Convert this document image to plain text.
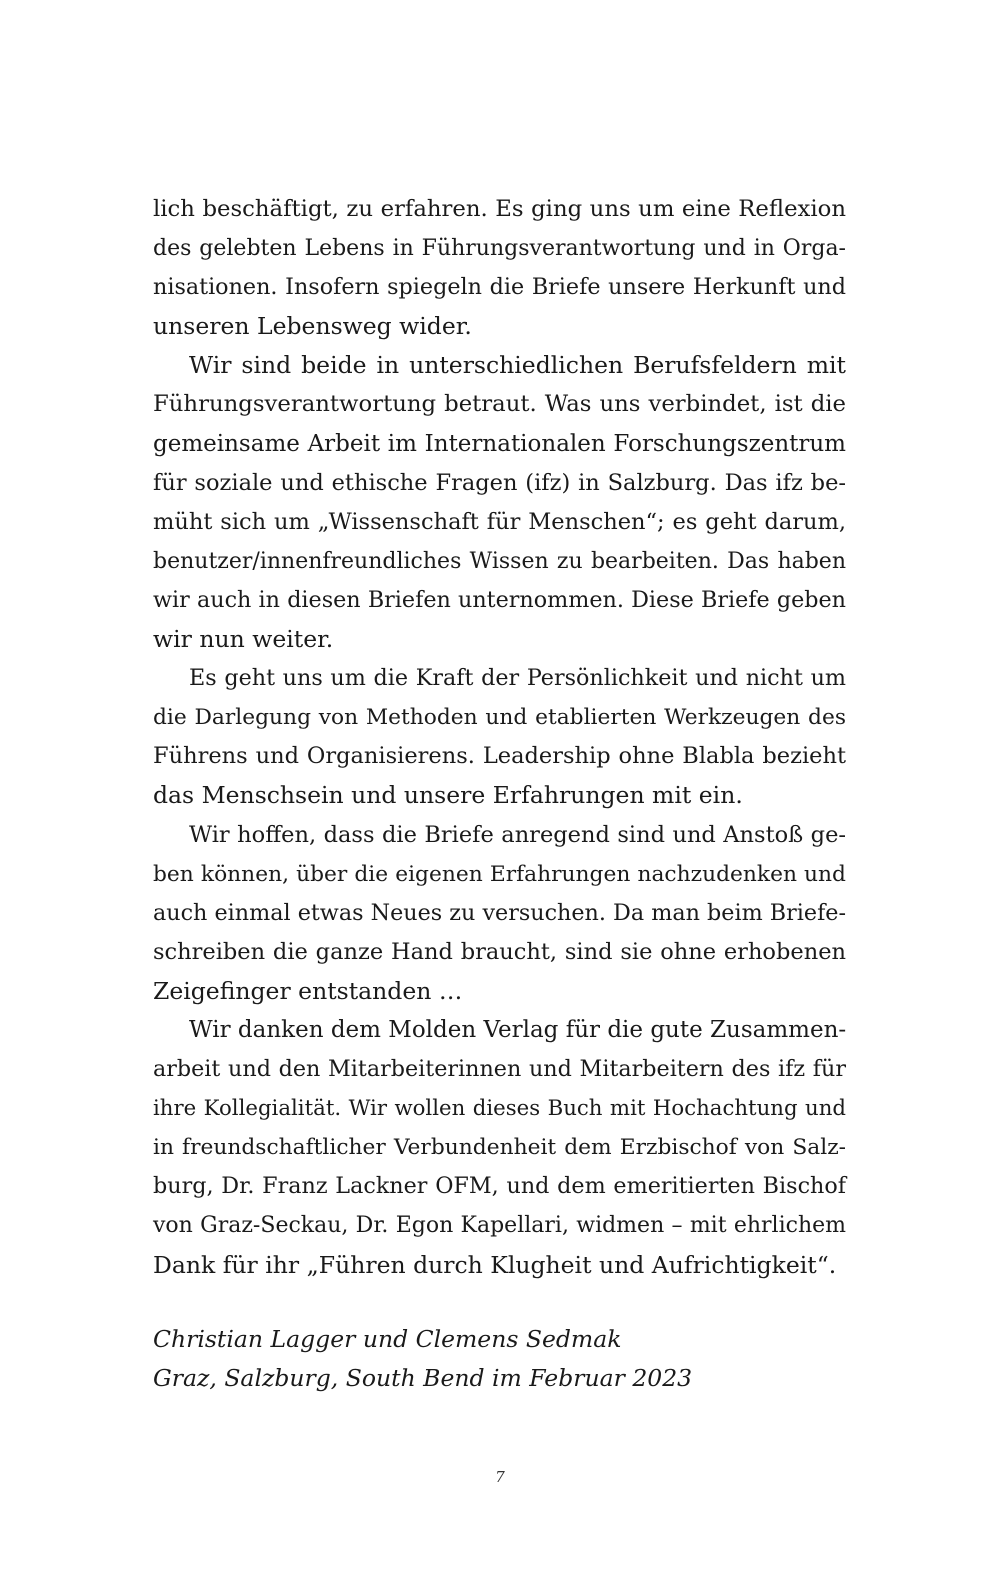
lich beschäftigt, zu erfahren. Es ging uns um eine Reflexion
des gelebten Lebens in Führungsverantwortung und in Orga-
nisationen. Insofern spiegeln die Briefe unsere Herkunft und
unseren Lebensweg wider.
Wir sind beide in unterschiedlichen Berufsfeldern mit
Führungsverantwortung betraut. Was uns verbindet, ist die
gemeinsame Arbeit im Internationalen Forschungszentrum
für soziale und ethische Fragen (ifz) in Salzburg. Das ifz be-
müht sich um „Wissenschaft für Menschen“; es geht darum,
benutzer/innenfreundliches Wissen zu bearbeiten. Das haben
wir auch in diesen Briefen unternommen. Diese Briefe geben
wir nun weiter.
Es geht uns um die Kraft der Persönlichkeit und nicht um
die Darlegung von Methoden und etablierten Werkzeugen des
Führens und Organisierens. Leadership ohne Blabla bezieht
das Menschsein und unsere Erfahrungen mit ein.
Wir hoffen, dass die Briefe anregend sind und Anstoß ge-
ben können, über die eigenen Erfahrungen nachzudenken und
auch einmal etwas Neues zu versuchen. Da man beim Briefe-
schreiben die ganze Hand braucht, sind sie ohne erhobenen
Zeigefinger entstanden …
Wir danken dem Molden Verlag für die gute Zusammen-
arbeit und den Mitarbeiterinnen und Mitarbeitern des ifz für
ihre Kollegialität. Wir wollen dieses Buch mit Hochachtung und
in freundschaftlicher Verbundenheit dem Erzbischof von Salz-
burg, Dr. Franz Lackner OFM, und dem emeritierten Bischof
von Graz-Seckau, Dr. Egon Kapellari, widmen – mit ehrlichem
Dank für ihr „Führen durch Klugheit und Aufrichtigkeit“.
Christian Lagger und Clemens Sedmak
Graz, Salzburg, South Bend im Februar 2023
7
